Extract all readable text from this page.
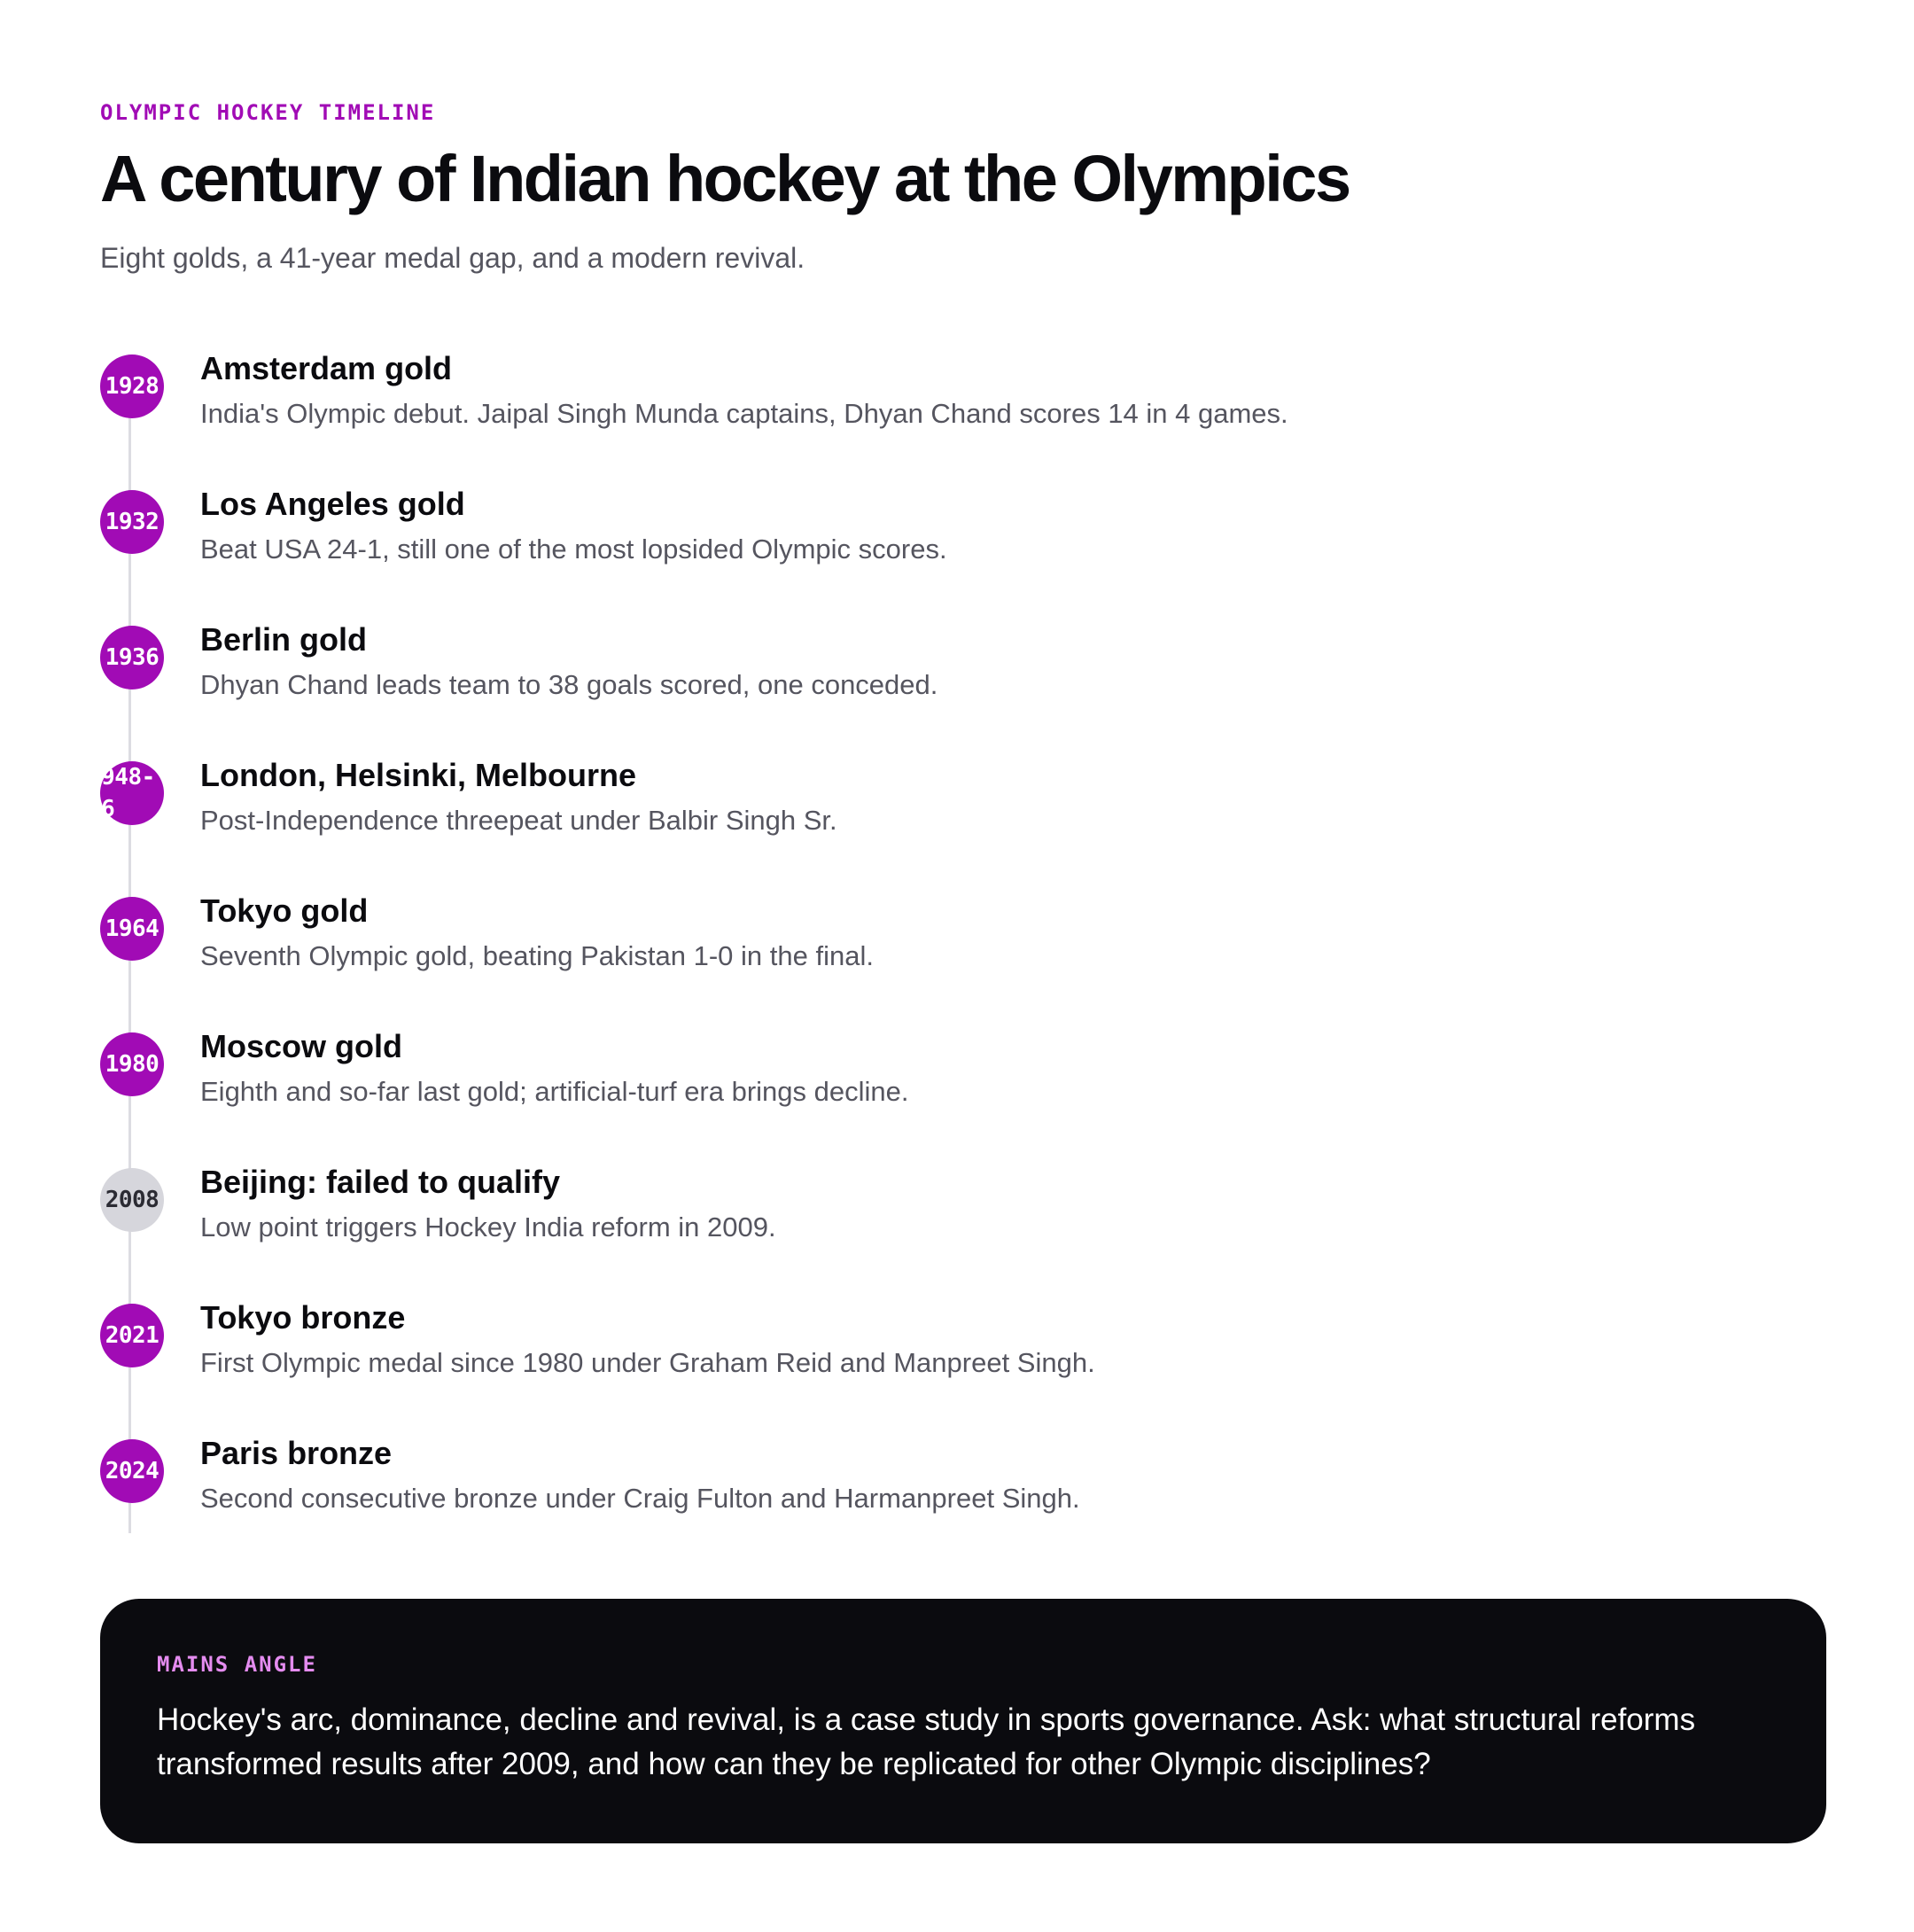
OLYMPIC HOCKEY TIMELINE
A century of Indian hockey at the Olympics

Eight golds, a 41-year medal gap, and a modern revival.

1928 Amsterdam gold
India's Olympic debut. Jaipal Singh Munda captains, Dhyan Chand scores 14 in 4 games.
1932 Los Angeles gold
Beat USA 24-1, still one of the most lopsided Olympic scores.
1936 Berlin gold
Dhyan Chand leads team to 38 goals scored, one conceded.
1948-56
London, Helsinki, Melbourne
Post-Independence threepeat under Balbir Singh Sr.
1964 Tokyo gold
Seventh Olympic gold, beating Pakistan 1-0 in the final.
1980 Moscow gold
Eighth and so-far last gold; artificial-turf era brings decline.
2008 Beijing: failed to qualify
Low point triggers Hockey India reform in 2009.
2021 Tokyo bronze
First Olympic medal since 1980 under Graham Reid and Manpreet Singh.
2024 Paris bronze
Second consecutive bronze under Craig Fulton and Harmanpreet Singh.
MAINS ANGLE

Hockey's arc, dominance, decline and revival, is a case study in sports governance. Ask: what structural reforms transformed results after 2009, and how can they be replicated for other Olympic disciplines?
